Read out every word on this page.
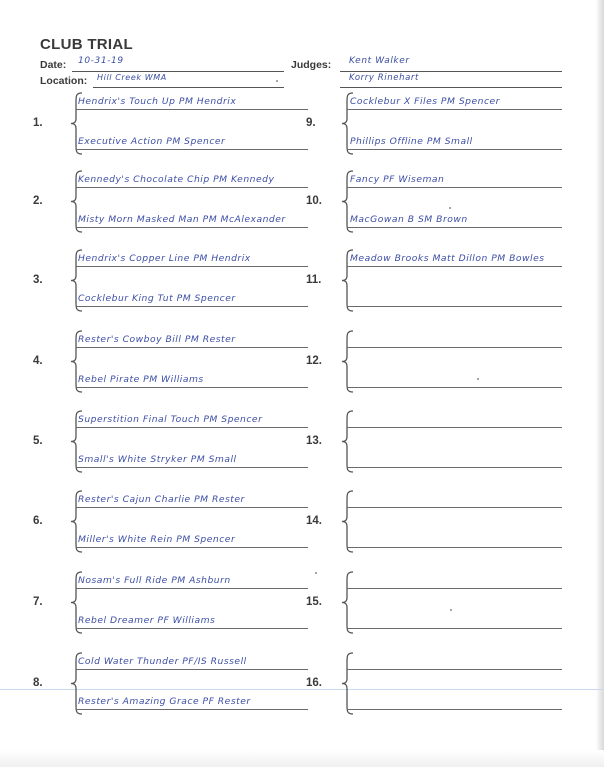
CLUB TRIAL
Date: 10-31-19
Location: Hill Creek WMA
Judges: Kent Walker
Korry Rinehart
1.
Hendrix's Touch Up PM Hendrix
Executive Action PM Spencer
2.
Kennedy's Chocolate Chip PM Kennedy
Misty Morn Masked Man PM McAlexander
3.
Hendrix's Copper Line PM Hendrix
Cocklebur King Tut PM Spencer
4.
Rester's Cowboy Bill PM Rester
Rebel Pirate PM Williams
5.
Superstition Final Touch PM Spencer
Small's White Stryker PM Small
6.
Rester's Cajun Charlie PM Rester
Miller's White Rein PM Spencer
7.
Nosam's Full Ride PM Ashburn
Rebel Dreamer PF Williams
8.
Cold Water Thunder PF/IS Russell
Rester's Amazing Grace PF Rester
9.
Cocklebur X Files PM Spencer
Phillips Offline PM Small
10.
Fancy PF Wiseman
MacGowan B SM Brown
11.
Meadow Brooks Matt Dillon PM Bowles
12.
13.
14.
15.
16.
